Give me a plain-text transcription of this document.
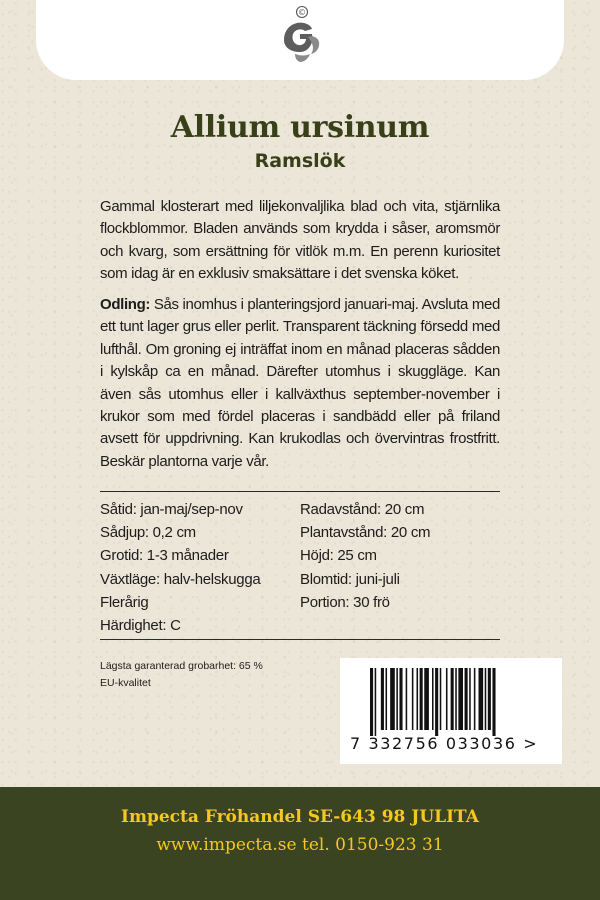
©
Allium ursinum
Ramslök
Gammal klosterart med liljekonvaljlika blad och vita, stjärnlika flockblommor. Bladen används som krydda i såser, aromsmör och kvarg, som ersättning för vitlök m.m. En perenn kuriositet som idag är en exklusiv smaksättare i det svenska köket.
Odling: Sås inomhus i planteringsjord januari-maj. Avsluta med ett tunt lager grus eller perlit. Transparent täckning försedd med lufthål. Om groning ej inträffat inom en månad placeras sådden i kylskåp ca en månad. Därefter utomhus i skuggläge. Kan även sås utomhus eller i kallväxthus september-november i krukor som med fördel placeras i sandbädd eller på friland avsett för uppdrivning. Kan krukodlas och övervintras frostfritt. Beskär plantorna varje vår.
Såtid: jan-maj/sep-nov
Sådjup: 0,2 cm
Grotid: 1-3 månader
Växtläge: halv-helskugga
Flerårig
Härdighet: C
Radavstånd: 20 cm
Plantavstånd: 20 cm
Höjd: 25 cm
Blomtid: juni-juli
Portion: 30 frö
Lägsta garanterad grobarhet: 65 %
EU-kvalitet
7 332756 033036 >
Impecta Fröhandel SE-643 98 JULITA
www.impecta.se tel. 0150-923 31
